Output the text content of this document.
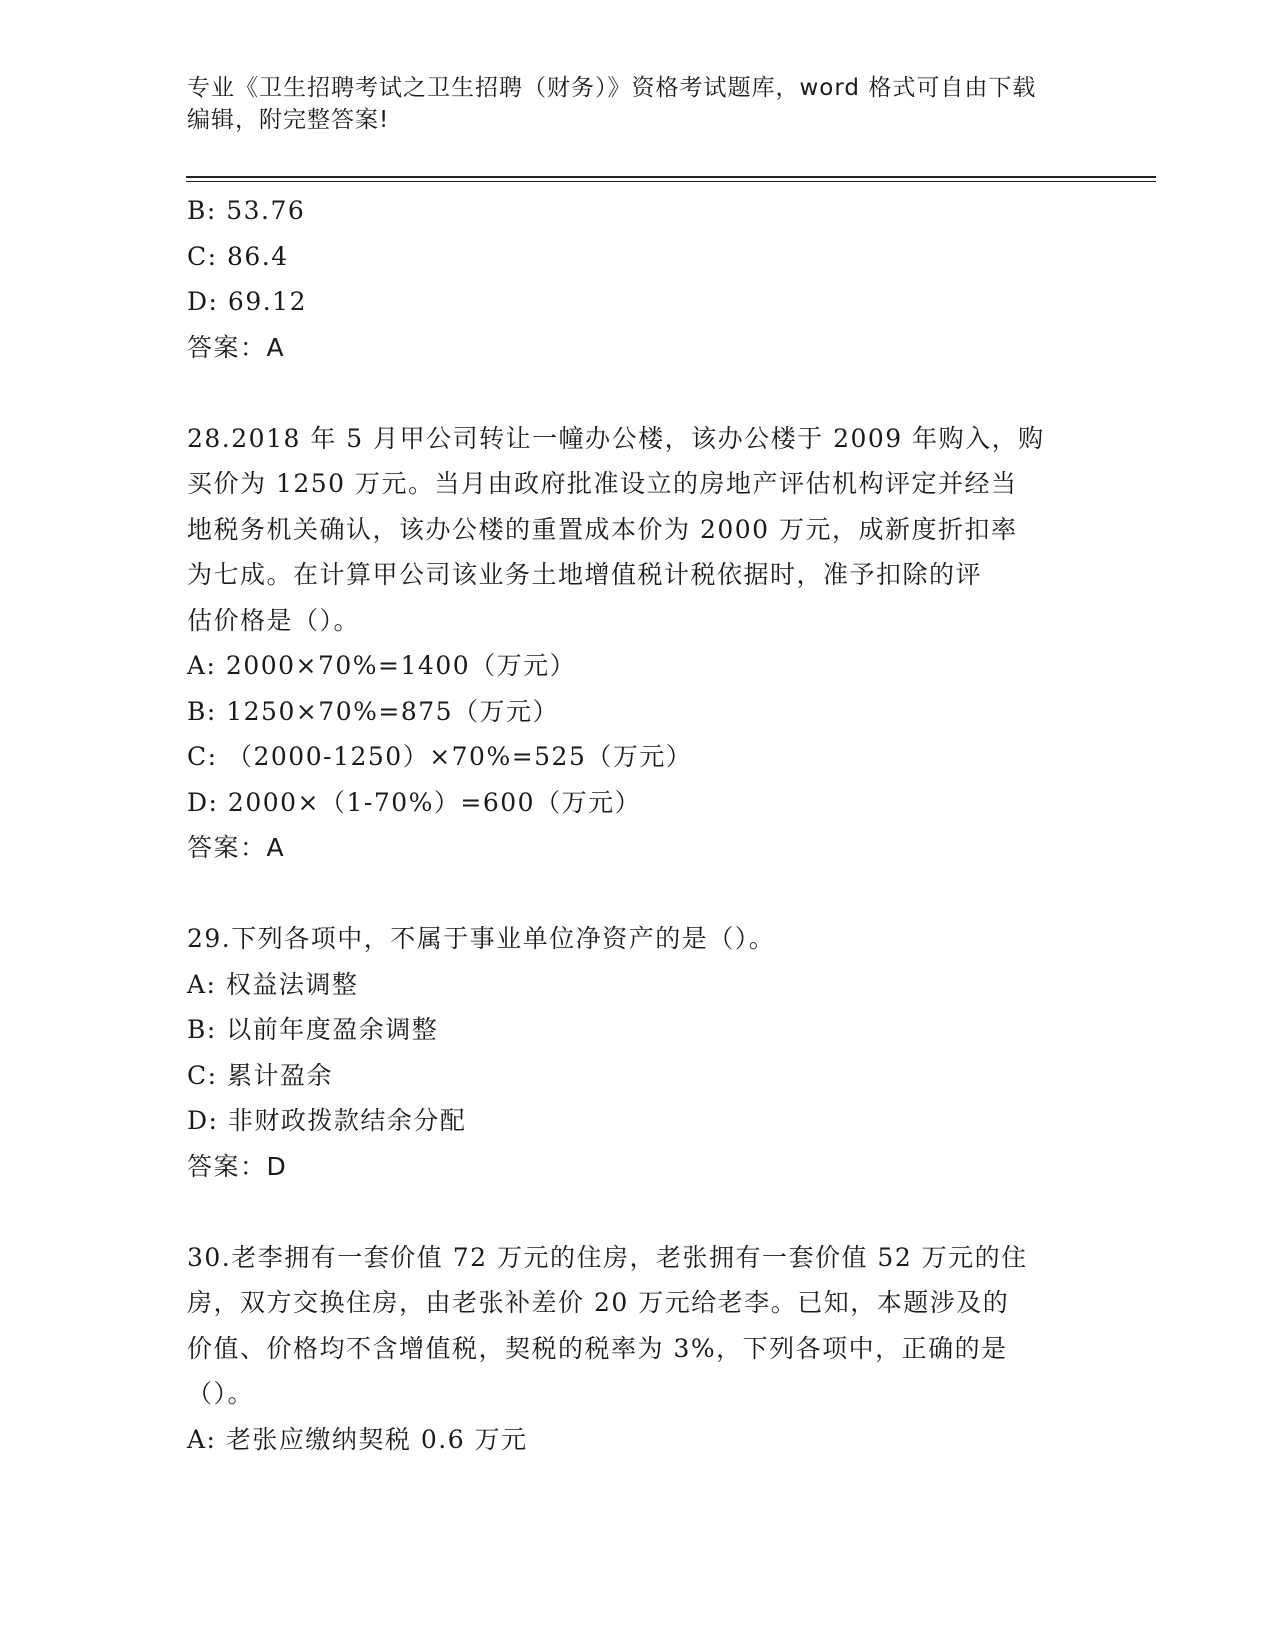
专业《卫生招聘考试之卫生招聘（财务）》资格考试题库，word 格式可自由下载
编辑，附完整答案!
B: 53.76
C: 86.4
D: 69.12
答案：A
28.2018 年 5 月甲公司转让一幢办公楼，该办公楼于 2009 年购入，购
买价为 1250 万元。当月由政府批准设立的房地产评估机构评定并经当
地税务机关确认，该办公楼的重置成本价为 2000 万元，成新度折扣率
为七成。在计算甲公司该业务土地增值税计税依据时，准予扣除的评
估价格是（）。
A: 2000×70%=1400（万元）
B: 1250×70%=875（万元）
C: （2000-1250）×70%=525（万元）
D: 2000×（1-70%）=600（万元）
答案：A
29.下列各项中，不属于事业单位净资产的是（）。
A: 权益法调整
B: 以前年度盈余调整
C: 累计盈余
D: 非财政拨款结余分配
答案：D
30.老李拥有一套价值 72 万元的住房，老张拥有一套价值 52 万元的住
房，双方交换住房，由老张补差价 20 万元给老李。已知，本题涉及的
价值、价格均不含增值税，契税的税率为 3%，下列各项中，正确的是
（）。
A: 老张应缴纳契税 0.6 万元
